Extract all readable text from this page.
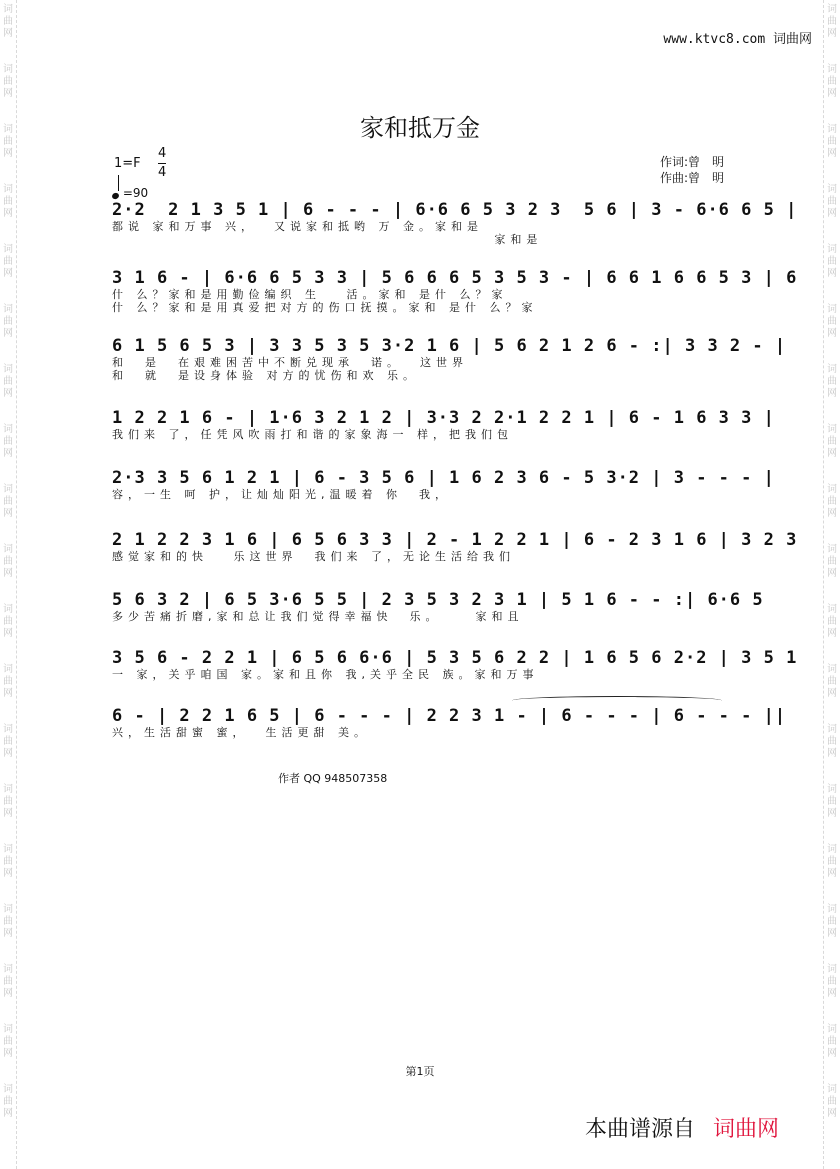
词
曲
网
词
曲
网
词
曲
网
词
曲
网
词
曲
网
词
曲
网
词
曲
网
词
曲
网
词
曲
网
词
曲
网
词
曲
网
词
曲
网
词
曲
网
词
曲
网
词
曲
网
词
曲
网
词
曲
网
词
曲
网
词
曲
网
词
曲
网
词
曲
网
词
曲
网
词
曲
网
词
曲
网
词
曲
网
词
曲
网
词
曲
网
词
曲
网
词
曲
网
词
曲
网
词
曲
网
词
曲
网
词
曲
网
词
曲
网
词
曲
网
词
曲
网
词
曲
网
词
曲
网
www.ktvc8.com 词曲网
家和抵万金
1=F
4
4
=90
作词:曾　明
作曲:曾　明
2·2  2 1 3 5 1 | 6 - - - | 6·6 6 5 3 2 3  5 6 | 3 - 6·6 6 5 |
都说 家和万事 兴，  又说家和抵哟 万 金。家和是
家和是
3 1 6 - | 6·6 6 5 3 3 | 5 6 6 6 5 3 5 3 - | 6 6 1 6 6 5 3 | 6
什 么？家和是用勤俭编织 生   活。家和 是什 么？家
什 么？家和是用真爱把对方的伤口抚摸。家和 是什 么？家
6 1 5 6 5 3 | 3 3 5 3 5 3·2 1 6 | 5 6 2 1 2 6 - :| 3 3 2 - |
和  是  在艰难困苦中不断兑现承  诺。  这世界
和  就  是设身体验 对方的忧伤和欢 乐。
1 2 2 1 6 - | 1·6 3 2 1 2 | 3·3 2 2·1 2 2 1 | 6 - 1 6 3 3 |
我们来 了，任凭风吹雨打和谐的家象海一 样，把我们包
2·3 3 5 6 1 2 1 | 6 - 3 5 6 | 1 6 2 3 6 - 5 3·2 | 3 - - - |
容，一生 呵 护，让灿灿阳光,温暖着 你  我，
2 1 2 2 3 1 6 | 6 5 6 3 3 | 2 - 1 2 2 1 | 6 - 2 3 1 6 | 3 2 3
感觉家和的快   乐这世界  我们来 了，无论生活给我们
5 6 3 2 | 6 5 3·6 5 5 | 2 3 5 3 2 3 1 | 5 1 6 - - :| 6·6 5
多少苦痛折磨,家和总让我们觉得幸福快  乐。    家和且
3 5 6 - 2 2 1 | 6 5 6 6·6 | 5 3 5 6 2 2 | 1 6 5 6 2·2 | 3 5 1
一 家，关乎咱国 家。家和且你 我,关乎全民 族。家和万事
6 - | 2 2 1 6 5 | 6 - - - | 2 2 3 1 - | 6 - - - | 6 - - - ||
兴，生活甜蜜 蜜，  生活更甜 美。
作者 QQ 948507358
第1页
本曲谱源自 词曲网
